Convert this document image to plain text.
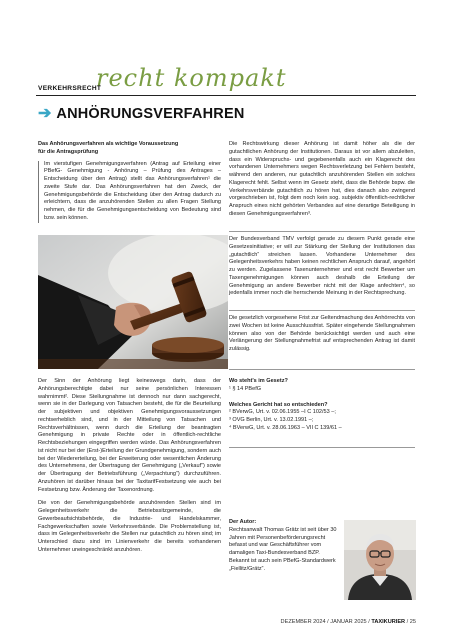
recht kompakt
VERKEHRSRECHT
➔ ANHÖRUNGSVERFAHREN

Das Anhörungsverfahren als wichtige Voraussetzung

für die Antragsprüfung

Im vierstufigen Genehmigungsverfahren (Antrag auf Erteilung einer PBefG- Genehmigung - Anhörung – Prüfung des Antrages – Entscheidung über den Antrag) stellt das Anhörungsverfahren¹ die zweite Stufe dar. Das Anhörungsverfahren hat den Zweck, der Genehmigungsbehörde die Entscheidung über den Antrag dadurch zu erleichtern, dass die anzuhörenden Stellen zu allen Fragen Stellung nehmen, die für die Genehmigungsentscheidung von Bedeutung sind bzw. sein können.

Der Sinn der Anhörung liegt keineswegs darin, dass der Anhörungsberechtigte dabei nur seine persönlichen Interessen wahrnimmt². Diese Stellungnahme ist dennoch nur dann sachgerecht, wenn sie in der Darlegung von Tatsachen besteht, die für die Beurteilung der subjektiven und objektiven Genehmigungsvoraussetzungen rechtserheblich sind, und in der Mitteilung von Tatsachen und Rechtsverhältnissen, wenn durch die Erteilung der beantragten Genehmigung in private Rechte oder in öffentlich-rechtliche Rechtsbeziehungen eingegriffen werden würde. Das Anhörungsverfahren ist nicht nur bei der (Erst-)Erteilung der Grundgenehmigung, sondern auch bei der Wiedererteilung, bei der Erweiterung oder wesentlichen Änderung des Unternehmens, der Übertragung der Genehmigung („Verkauf“) sowie der Übertragung der Betriebsführung („Verpachtung“) durchzuführen. Anzuhören ist darüber hinaus bei der TaxitarifFestsetzung wie auch bei Festsetzung bzw. Änderung der Taxenordnung.

Die von der Genehmigungsbehörde anzuhörenden Stellen sind im Gelegenheitsverkehr die Betriebssitzgemeinde, die Gewerbeaufsichtsbehörde, die Industrie- und Handelskammer, Fachgewerkschaften sowie Verkehrsverbände. Die Problemstellung ist, dass im Gelegenheitsverkehr die Stellen nur gutachtlich zu hören sind; im Unterschied dazu sind im Linienverkehr die bereits vorhandenen Unternehmer uneingeschränkt anzuhören.

Die Rechtswirkung dieser Anhörung ist damit höher als die der gutachtlichen Anhörung der Institutionen. Daraus ist vor allem abzuleiten, dass ein Widerspruchs- und gegebenenfalls auch ein Klagerecht des vorhandenen Unternehmers wegen Rechtsverletzung bei Fehlern besteht, während den anderen, nur gutachtlich anzuhörenden Stellen ein solches Klagerecht fehlt. Selbst wenn im Gesetz steht, dass die Behörde bspw. die Verkehrsverbände gutachtlich zu hören hat, dies danach also zwingend vorgeschrieben ist, folgt dem noch kein sog. subjektiv öffentlich-rechtlicher Anspruch eines nicht gehörten Verbandes auf eine derartige Beteiligung in diesen Genehmigungsverfahren³.

Der Bundesverband TMV verfolgt gerade zu diesem Punkt gerade eine Gesetzesinitiative; er will zur Stärkung der Stellung der Institutionen das „gutachtlich“ streichen lassen. Vorhandene Unternehmer des Gelegenheitsverkehrs haben keinen rechtlichen Anspruch darauf, angehört zu werden. Zugelassene Taxenunternehmer und erst recht Bewerber um Taxengenehmigungen können auch deshalb die Erteilung der Genehmigung an andere Bewerber nicht mit der Klage anfechten⁴, so jedenfalls immer noch die herrschende Meinung in der Rechtsprechung.

Die gesetzlich vorgesehene Frist zur Geltendmachung des Anhörrechts von zwei Wochen ist keine Ausschlussfrist. Später eingehende Stellungnahmen können also von der Behörde berücksichtigt werden und auch eine Verlängerung der Stellungnahmefrist auf entsprechenden Antrag ist damit zulässig.

Wo steht's im Gesetz?

¹ § 14 PBefG

Welches Gericht hat so entschieden?

² BVerwG, Urt. v. 02.06.1955 –I C 102/53 –;
³ OVG Berlin, Urt. v. 13.02.1991 –;
⁴ BVerwG, Urt. v. 28.06.1963 – VII C 139/61 –

Der Autor:

Rechtsanwalt Thomas Grätz ist seit über 30 Jahren mit Personenbeförderungsrecht befasst und war Geschäftsführer vom damaligen Taxi-Bundesverband BZP. Bekannt ist auch sein PBefG-Standardwerk „Fiellitz/Grätz“.

DEZEMBER 2024 / JANUAR 2025 / TAXIKURIER / 25
